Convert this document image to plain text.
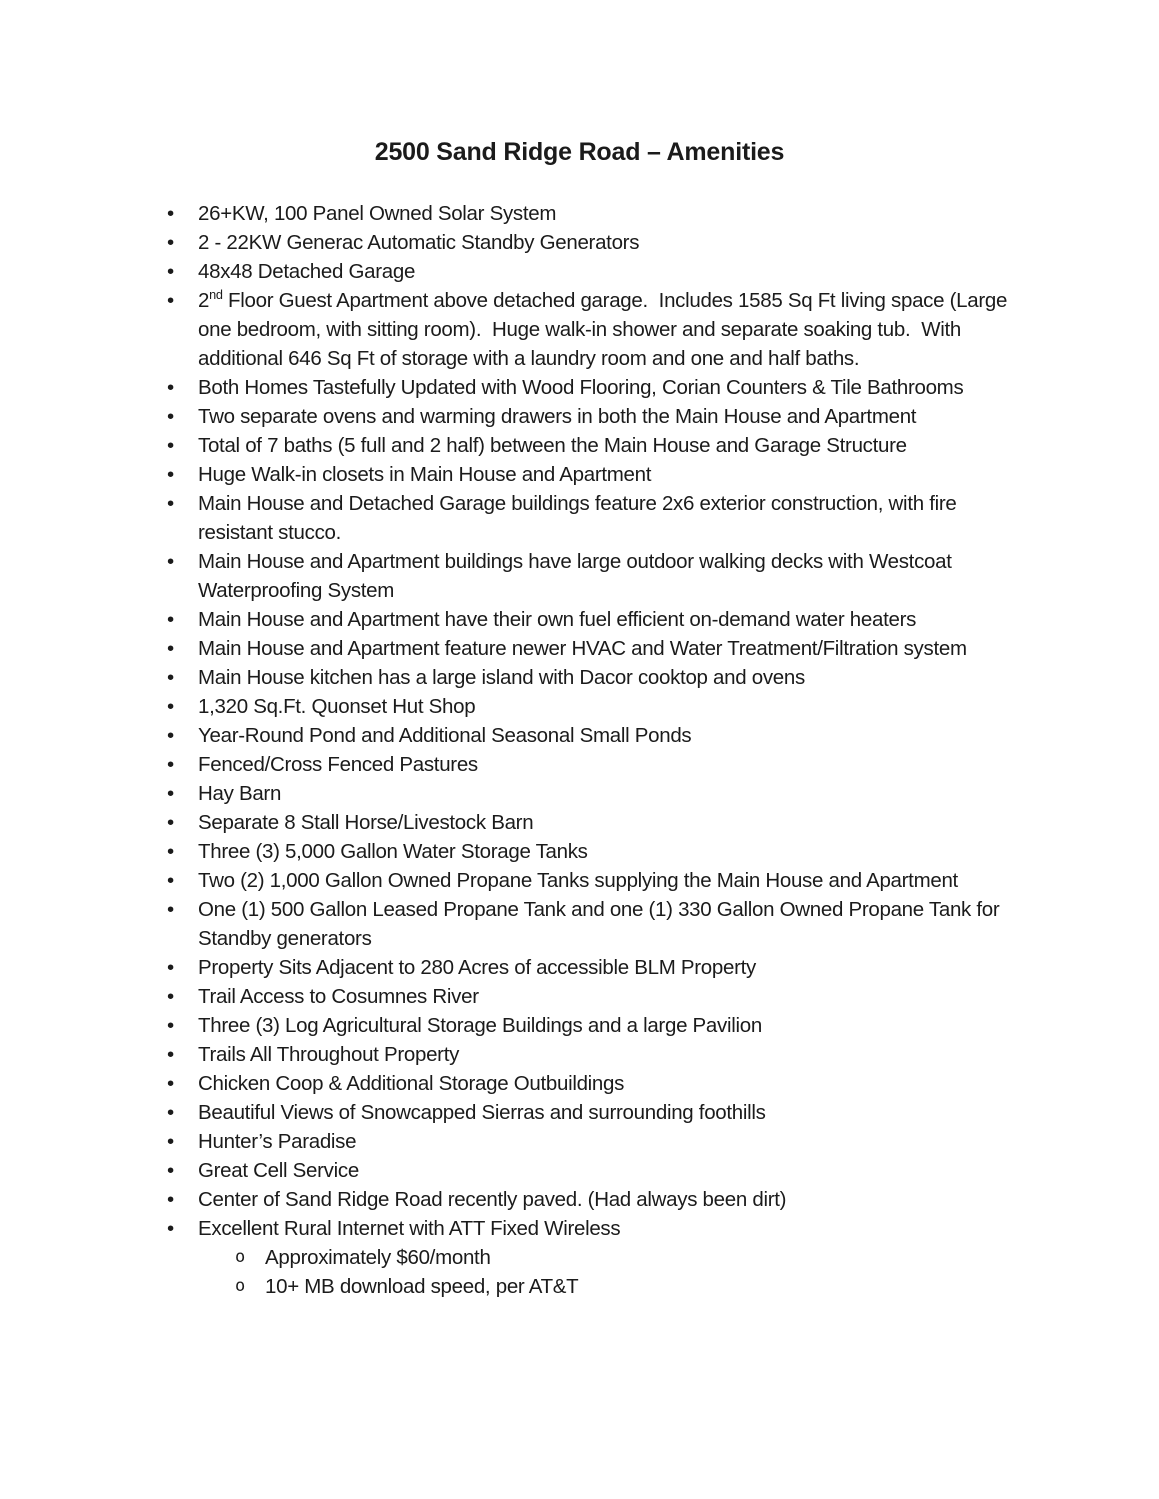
2500 Sand Ridge Road – Amenities
• 26+KW, 100 Panel Owned Solar System
• 2 - 22KW Generac Automatic Standby Generators
• 48x48 Detached Garage
• 2nd Floor Guest Apartment above detached garage.  Includes 1585 Sq Ft living space (Large one bedroom, with sitting room).  Huge walk-in shower and separate soaking tub.  With additional 646 Sq Ft of storage with a laundry room and one and half baths.
• Both Homes Tastefully Updated with Wood Flooring, Corian Counters & Tile Bathrooms
• Two separate ovens and warming drawers in both the Main House and Apartment
• Total of 7 baths (5 full and 2 half) between the Main House and Garage Structure
• Huge Walk-in closets in Main House and Apartment
• Main House and Detached Garage buildings feature 2x6 exterior construction, with fire resistant stucco.
• Main House and Apartment buildings have large outdoor walking decks with Westcoat Waterproofing System
• Main House and Apartment have their own fuel efficient on-demand water heaters
• Main House and Apartment feature newer HVAC and Water Treatment/Filtration system
• Main House kitchen has a large island with Dacor cooktop and ovens
• 1,320 Sq.Ft. Quonset Hut Shop
• Year-Round Pond and Additional Seasonal Small Ponds
• Fenced/Cross Fenced Pastures
• Hay Barn
• Separate 8 Stall Horse/Livestock Barn
• Three (3) 5,000 Gallon Water Storage Tanks
• Two (2) 1,000 Gallon Owned Propane Tanks supplying the Main House and Apartment
• One (1) 500 Gallon Leased Propane Tank and one (1) 330 Gallon Owned Propane Tank for Standby generators
• Property Sits Adjacent to 280 Acres of accessible BLM Property
• Trail Access to Cosumnes River
• Three (3) Log Agricultural Storage Buildings and a large Pavilion
• Trails All Throughout Property
• Chicken Coop & Additional Storage Outbuildings
• Beautiful Views of Snowcapped Sierras and surrounding foothills
• Hunter’s Paradise
• Great Cell Service
• Center of Sand Ridge Road recently paved. (Had always been dirt)
• Excellent Rural Internet with ATT Fixed Wireless
o Approximately $60/month
o 10+ MB download speed, per AT&T
